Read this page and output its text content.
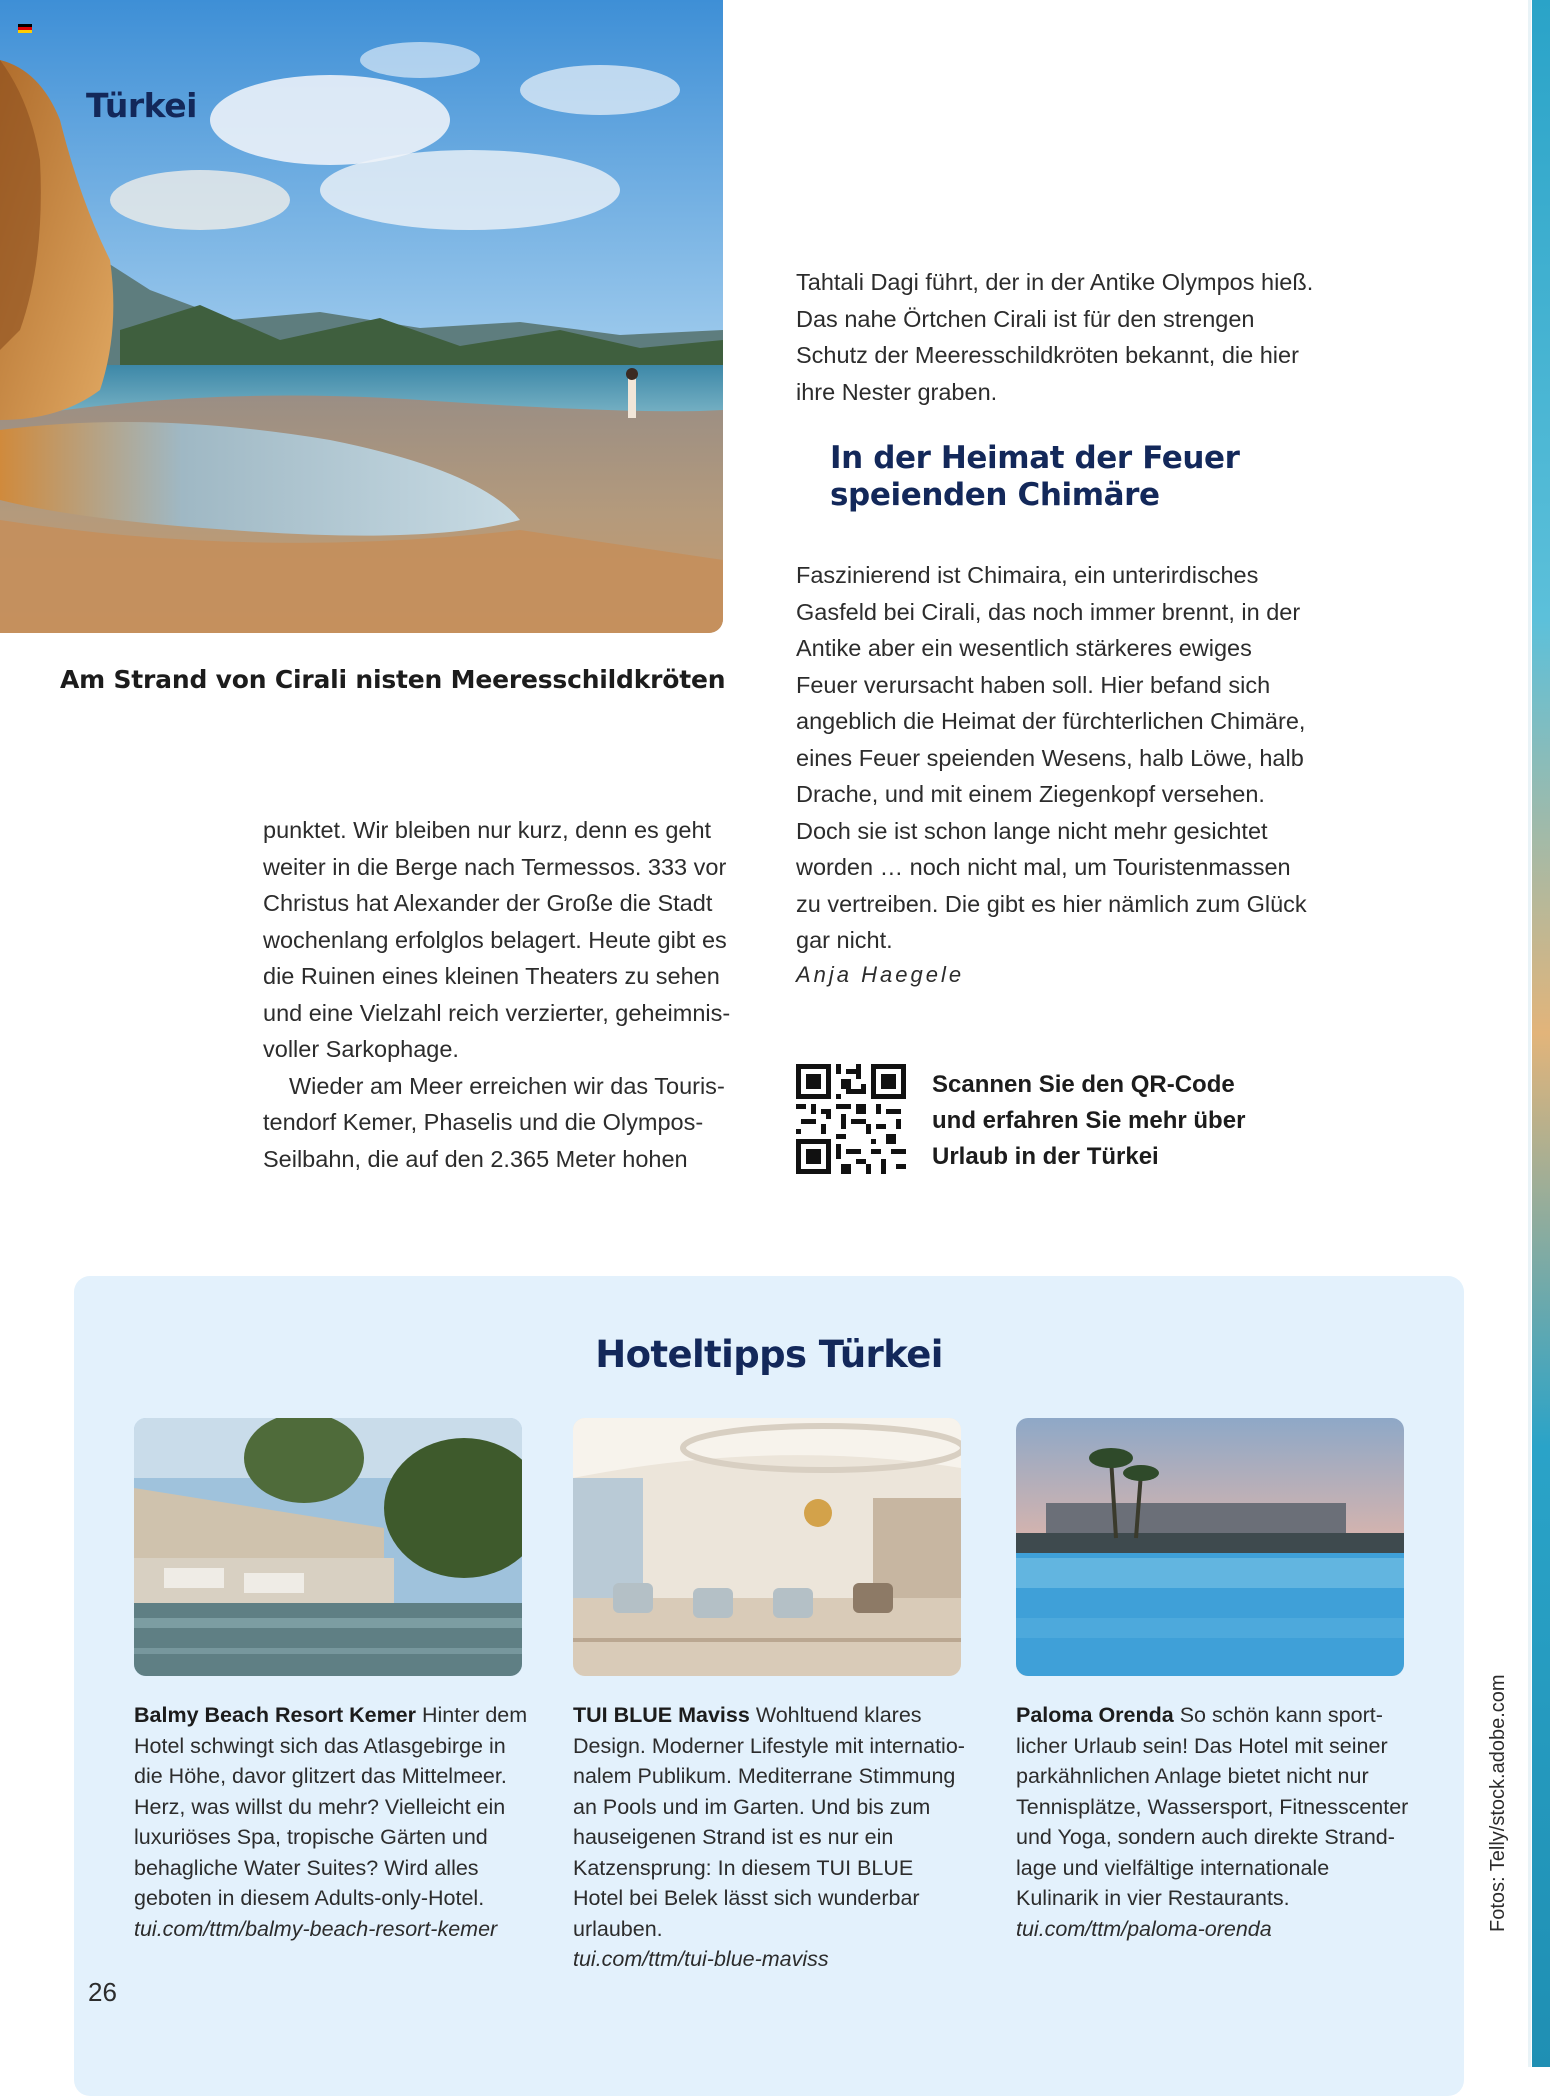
Türkei
Am Strand von Cirali nisten Meeresschildkröten

punktet. Wir bleiben nur kurz, denn es geht weiter in die Berge nach Termessos. 333 vor Christus hat Alexander der Große die Stadt wochenlang erfolglos belagert. Heute gibt es die Ruinen eines kleinen Theaters zu sehen und eine Vielzahl reich verzierter, geheimnisvoller Sarkophage.

Wieder am Meer erreichen wir das Touristendorf Kemer, Phaselis und die Olympos-Seilbahn, die auf den 2.365 Meter hohen

Tahtali Dagi führt, der in der Antike Olympos hieß. Das nahe Örtchen Cirali ist für den strengen Schutz der Meeresschildkröten bekannt, die hier ihre Nester graben.
In der Heimat der Feuer speienden Chimäre
Faszinierend ist Chimaira, ein unterirdisches Gasfeld bei Cirali, das noch immer brennt, in der Antike aber ein wesentlich stärkeres ewiges Feuer verursacht haben soll. Hier befand sich angeblich die Heimat der fürchterlichen Chimäre, eines Feuer speienden Wesens, halb Löwe, halb Drache, und mit einem Ziegenkopf versehen. Doch sie ist schon lange nicht mehr gesichtet worden … noch nicht mal, um Touristenmassen zu vertreiben. Die gibt es hier nämlich zum Glück gar nicht.
Anja Haegele
Scannen Sie den QR-Code und erfahren Sie mehr über Urlaub in der Türkei
Hoteltipps Türkei
Balmy Beach Resort Kemer Hinter dem Hotel schwingt sich das Atlasgebirge in die Höhe, davor glitzert das Mittelmeer. Herz, was willst du mehr? Vielleicht ein luxuriöses Spa, tropische Gärten und behagliche Water Suites? Wird alles geboten in diesem Adults-only-Hotel.
tui.com/ttm/balmy-beach-resort-kemer
TUI BLUE Maviss Wohltuend klares Design. Moderner Lifestyle mit internationalem Publikum. Mediterrane Stimmung an Pools und im Garten. Und bis zum hauseigenen Strand ist es nur ein Katzensprung: In diesem TUI BLUE Hotel bei Belek lässt sich wunderbar urlauben.
tui.com/ttm/tui-blue-maviss
Paloma Orenda So schön kann sportlicher Urlaub sein! Das Hotel mit seiner parkähnlichen Anlage bietet nicht nur Tennisplätze, Wassersport, Fitnesscenter und Yoga, sondern auch direkte Strandlage und vielfältige internationale Kulinarik in vier Restaurants.
tui.com/ttm/paloma-orenda
26
Fotos: Telly/stock.adobe.com
